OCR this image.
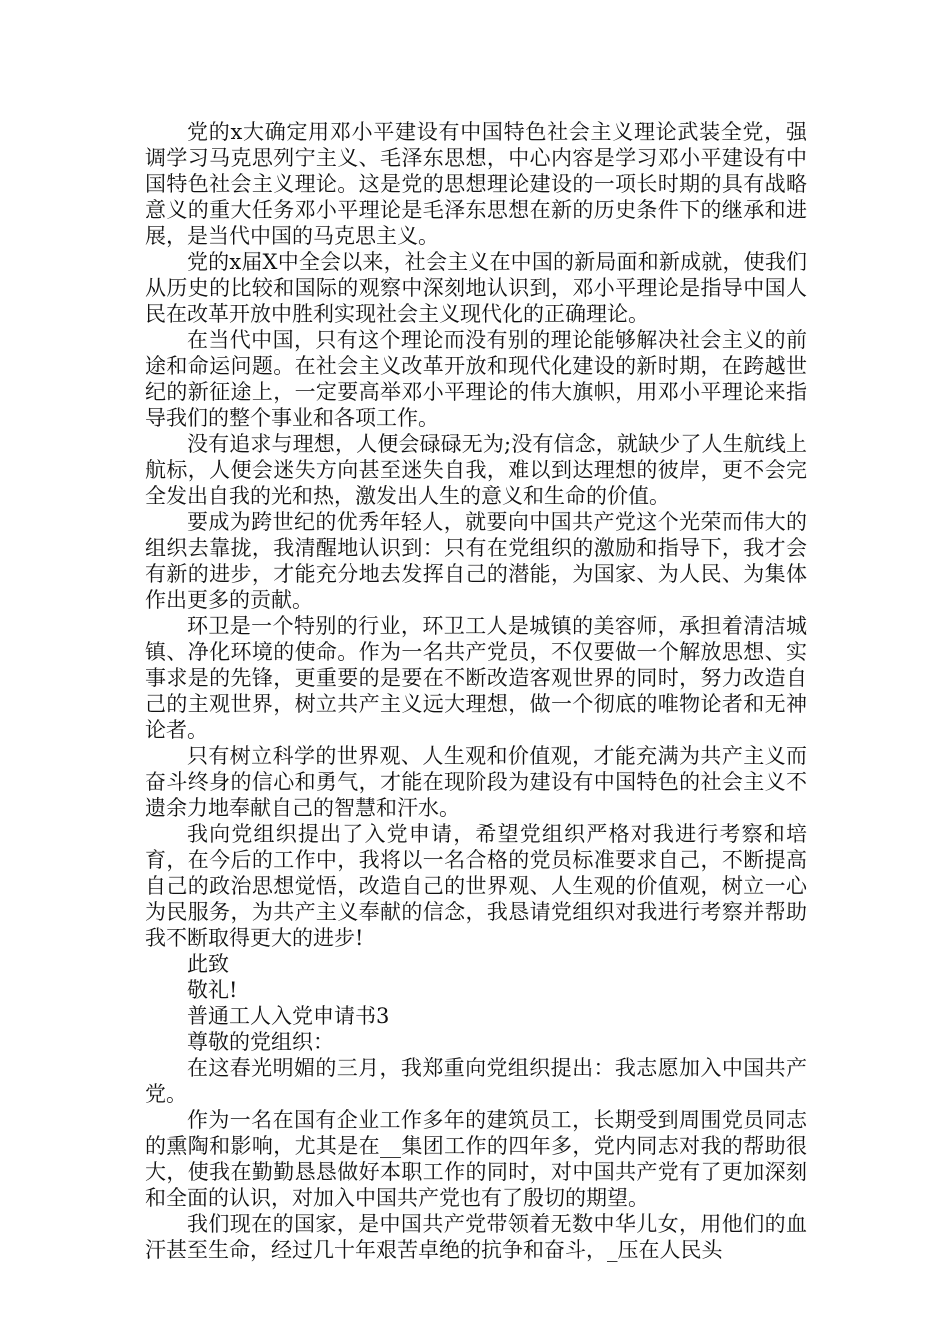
党的x大确定用邓小平建设有中国特色社会主义理论武装全党，强调学习马克思列宁主义、毛泽东思想，中心内容是学习邓小平建设有中国特色社会主义理论。这是党的思想理论建设的一项长时期的具有战略意义的重大任务邓小平理论是毛泽东思想在新的历史条件下的继承和进展，是当代中国的马克思主义。

党的x届X中全会以来，社会主义在中国的新局面和新成就，使我们从历史的比较和国际的观察中深刻地认识到，邓小平理论是指导中国人民在改革开放中胜利实现社会主义现代化的正确理论。

在当代中国，只有这个理论而没有别的理论能够解决社会主义的前途和命运问题。在社会主义改革开放和现代化建设的新时期，在跨越世纪的新征途上，一定要高举邓小平理论的伟大旗帜，用邓小平理论来指导我们的整个事业和各项工作。

没有追求与理想，人便会碌碌无为;没有信念，就缺少了人生航线上航标，人便会迷失方向甚至迷失自我，难以到达理想的彼岸，更不会完全发出自我的光和热，激发出人生的意义和生命的价值。

要成为跨世纪的优秀年轻人，就要向中国共产党这个光荣而伟大的组织去靠拢，我清醒地认识到：只有在党组织的激励和指导下，我才会有新的进步，才能充分地去发挥自己的潜能，为国家、为人民、为集体作出更多的贡献。

环卫是一个特别的行业，环卫工人是城镇的美容师，承担着清洁城镇、净化环境的使命。作为一名共产党员，不仅要做一个解放思想、实事求是的先锋，更重要的是要在不断改造客观世界的同时，努力改造自己的主观世界，树立共产主义远大理想，做一个彻底的唯物论者和无神论者。

只有树立科学的世界观、人生观和价值观，才能充满为共产主义而奋斗终身的信心和勇气，才能在现阶段为建设有中国特色的社会主义不遗余力地奉献自己的智慧和汗水。

我向党组织提出了入党申请，希望党组织严格对我进行考察和培育，在今后的工作中，我将以一名合格的党员标准要求自己，不断提高自己的政治思想觉悟，改造自己的世界观、人生观的价值观，树立一心为民服务，为共产主义奉献的信念，我恳请党组织对我进行考察并帮助我不断取得更大的进步!

此致

敬礼!

普通工人入党申请书3

尊敬的党组织：

在这春光明媚的三月，我郑重向党组织提出：我志愿加入中国共产党。

作为一名在国有企业工作多年的建筑员工，长期受到周围党员同志的熏陶和影响，尤其是在__集团工作的四年多，党内同志对我的帮助很大，使我在勤勤恳恳做好本职工作的同时，对中国共产党有了更加深刻和全面的认识，对加入中国共产党也有了殷切的期望。

我们现在的国家，是中国共产党带领着无数中华儿女，用他们的血汗甚至生命，经过几十年艰苦卓绝的抗争和奋斗，_压在人民头
